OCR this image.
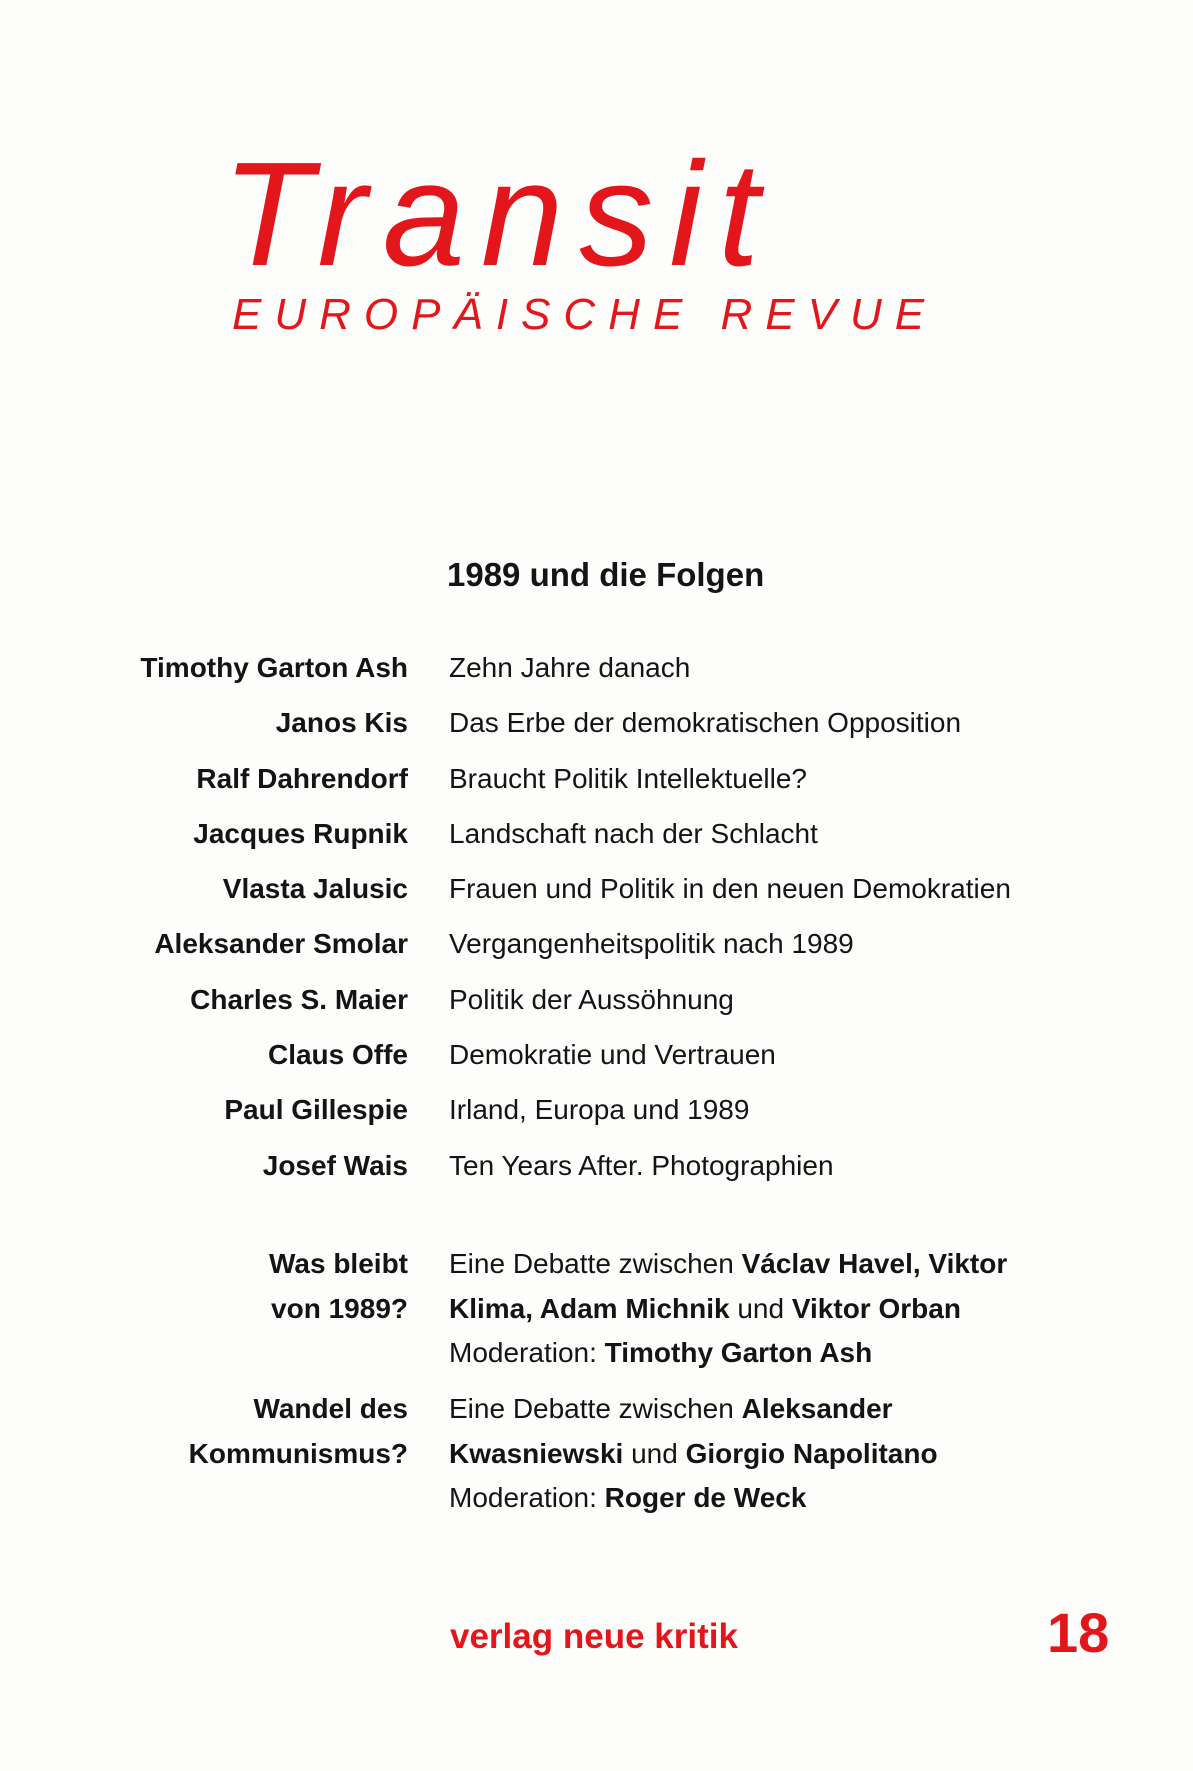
Transit
EUROPÄISCHE REVUE
1989 und die Folgen
Timothy Garton Ash Zehn Jahre danach
Janos Kis Das Erbe der demokratischen Opposition
Ralf Dahrendorf Braucht Politik Intellektuelle?
Jacques Rupnik Landschaft nach der Schlacht
Vlasta Jalusic Frauen und Politik in den neuen Demokratien
Aleksander Smolar Vergangenheitspolitik nach 1989
Charles S. Maier Politik der Aussöhnung
Claus Offe Demokratie und Vertrauen
Paul Gillespie Irland, Europa und 1989
Josef Wais Ten Years After. Photographien
Was bleibt
von 1989?
Eine Debatte zwischen Václav Havel, Viktor
Klima, Adam Michnik und Viktor Orban
Moderation: Timothy Garton Ash
Wandel des
Kommunismus?
Eine Debatte zwischen Aleksander
Kwasniewski und Giorgio Napolitano
Moderation: Roger de Weck
verlag neue kritik	18
